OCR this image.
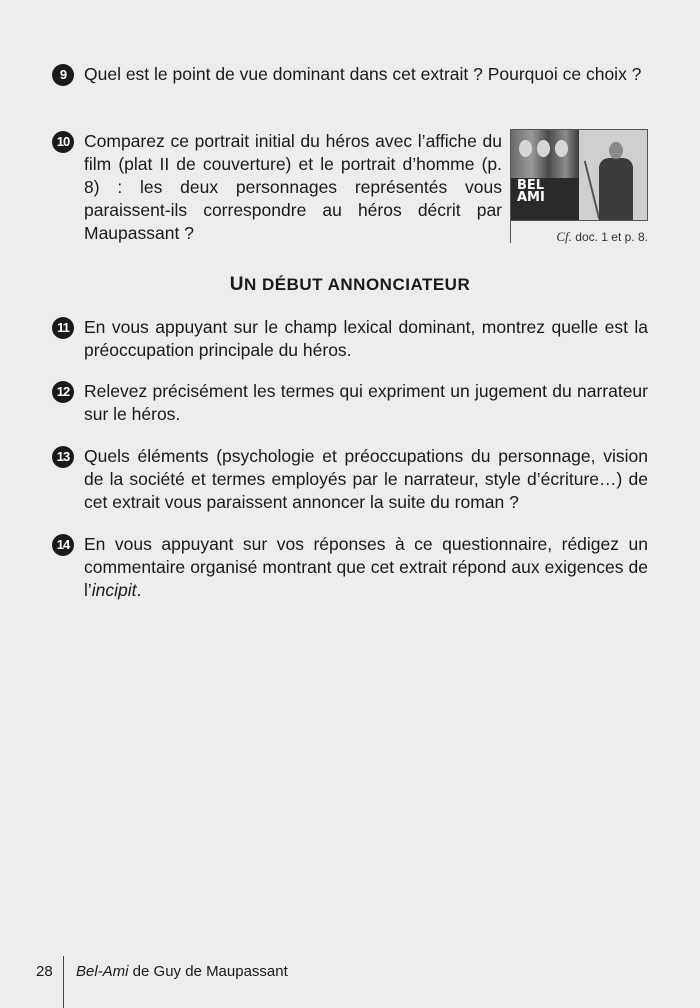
9	Quel est le point de vue dominant dans cet extrait ? Pourquoi ce choix ?
10 Comparez ce portrait initial du héros avec l’affiche du film (plat II de couverture) et le portrait d’homme (p. 8) : les deux personnages représentés vous paraissent-ils correspondre au héros décrit par Maupassant ?
BEL
AMI
Cf. doc. 1 et p. 8.
UN DÉBUT ANNONCIATEUR
11 En vous appuyant sur le champ lexical dominant, montrez quelle est la préoccupation principale du héros.
12 Relevez précisément les termes qui expriment un jugement du narrateur sur le héros.
13 Quels éléments (psychologie et préoccupations du personnage, vision de la société et termes employés par le narrateur, style d’écriture…) de cet extrait vous paraissent annoncer la suite du roman ?
14 En vous appuyant sur vos réponses à ce questionnaire, rédigez un commentaire organisé montrant que cet extrait répond aux exigences de l’incipit.
28 Bel-Ami de Guy de Maupassant
